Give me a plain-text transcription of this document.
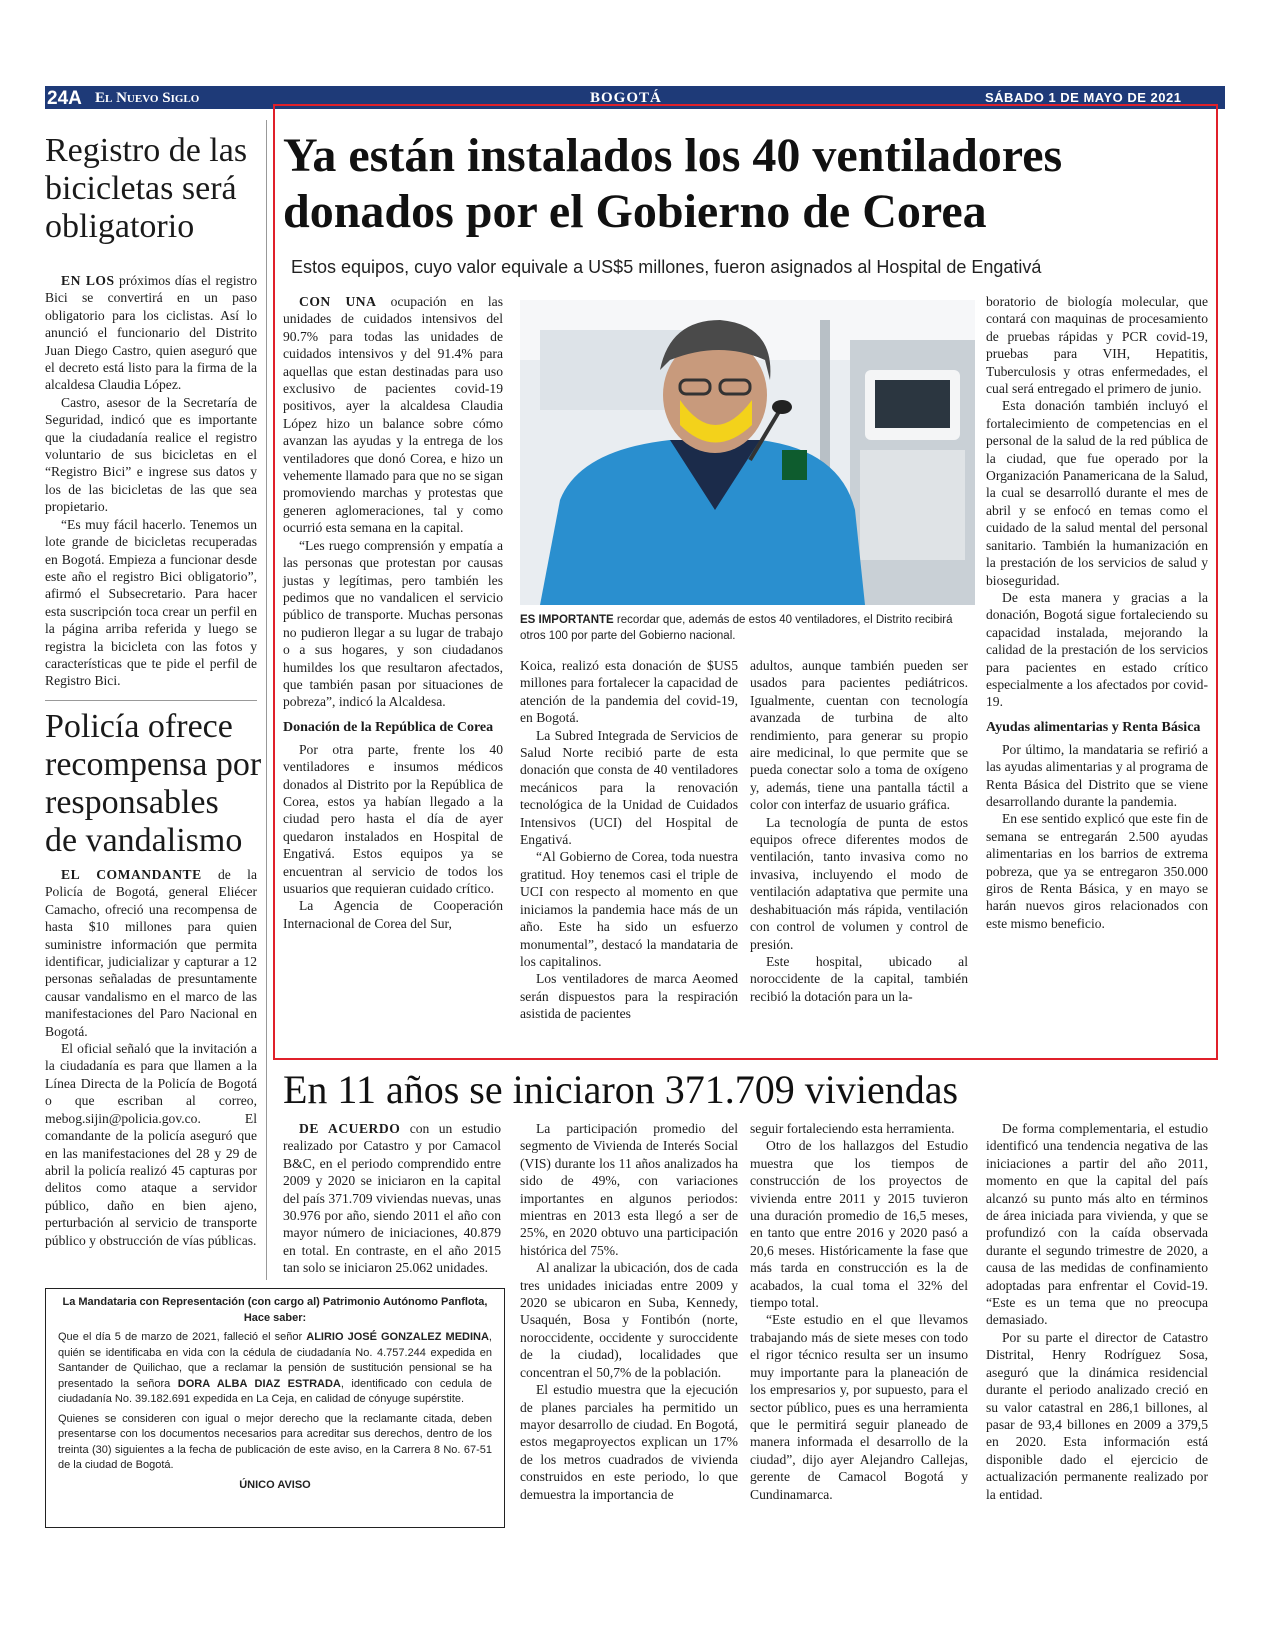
24A El Nuevo Siglo	BOGOTÁ	SÁBADO 1 DE MAYO DE 2021
Registro de las
bicicletas será
obligatorio

EN LOS próximos días el registro Bici se convertirá en un paso obligatorio para los ciclistas. Así lo anunció el funcionario del Distrito Juan Diego Castro, quien aseguró que el decreto está listo para la firma de la alcaldesa Claudia López.

Castro, asesor de la Secretaría de Seguridad, indicó que es importante que la ciudadanía realice el registro voluntario de sus bicicletas en el “Registro Bici” e ingrese sus datos y los de las bicicletas de las que sea propietario.

“Es muy fácil hacerlo. Tenemos un lote grande de bicicletas recuperadas en Bogotá. Empieza a funcionar desde este año el registro Bici obligatorio”, afirmó el Subsecretario. Para hacer esta suscripción toca crear un perfil en la página arriba referida y luego se registra la bicicleta con las fotos y características que te pide el perfil de Registro Bici.

Policía ofrece
recompensa por
responsables
de vandalismo

EL COMANDANTE de la Policía de Bogotá, general Eliécer Camacho, ofreció una recompensa de hasta $10 millones para quien suministre información que permita identificar, judicializar y capturar a 12 personas señaladas de presuntamente causar vandalismo en el marco de las manifestaciones del Paro Nacional en Bogotá.

El oficial señaló que la invitación a la ciudadanía es para que llamen a la Línea Directa de la Policía de Bogotá o que escriban al correo, mebog.sijin@policia.gov.co. El comandante de la policía aseguró que en las manifestaciones del 28 y 29 de abril la policía realizó 45 capturas por delitos como ataque a servidor público, daño en bien ajeno, perturbación al servicio de transporte público y obstrucción de vías públicas.

Ya están instalados los 40 ventiladores
donados por el Gobierno de Corea
Estos equipos, cuyo valor equivale a US$5 millones, fueron asignados al Hospital de Engativá

CON UNA ocupación en las unidades de cuidados intensivos del 90.7% para todas las unidades de cuidados intensivos y del 91.4% para aquellas que estan destinadas para uso exclusivo de pacientes covid-19 positivos, ayer la alcaldesa Claudia López hizo un balance sobre cómo avanzan las ayudas y la entrega de los ventiladores que donó Corea, e hizo un vehemente llamado para que no se sigan promoviendo marchas y protestas que generen aglomeraciones, tal y como ocurrió esta semana en la capital.

“Les ruego comprensión y empatía a las personas que protestan por causas justas y legítimas, pero también les pedimos que no vandalicen el servicio público de transporte. Muchas personas no pudieron llegar a su lugar de trabajo o a sus hogares, y son ciudadanos humildes los que resultaron afectados, que también pasan por situaciones de pobreza”, indicó la Alcaldesa.

Donación de la República de Corea

Por otra parte, frente los 40 ventiladores e insumos médicos donados al Distrito por la República de Corea, estos ya habían llegado a la ciudad pero hasta el día de ayer quedaron instalados en Hospital de Engativá. Estos equipos ya se encuentran al servicio de todos los usuarios que requieran cuidado crítico.

La Agencia de Cooperación Internacional de Corea del Sur,

ES IMPORTANTE recordar que, además de estos 40 ventiladores, el Distrito recibirá otros 100 por parte del Gobierno nacional.

Koica, realizó esta donación de $US5 millones para fortalecer la capacidad de atención de la pandemia del covid-19, en Bogotá.

La Subred Integrada de Servicios de Salud Norte recibió parte de esta donación que consta de 40 ventiladores mecánicos para la renovación tecnológica de la Unidad de Cuidados Intensivos (UCI) del Hospital de Engativá.

“Al Gobierno de Corea, toda nuestra gratitud. Hoy tenemos casi el triple de UCI con respecto al momento en que iniciamos la pandemia hace más de un año. Este ha sido un esfuerzo monumental”, destacó la mandataria de los capitalinos.

Los ventiladores de marca Aeomed serán dispuestos para la respiración asistida de pacientes

adultos, aunque también pueden ser usados para pacientes pediátricos. Igualmente, cuentan con tecnología avanzada de turbina de alto rendimiento, para generar su propio aire medicinal, lo que permite que se pueda conectar solo a toma de oxígeno y, además, tiene una pantalla táctil a color con interfaz de usuario gráfica.

La tecnología de punta de estos equipos ofrece diferentes modos de ventilación, tanto invasiva como no invasiva, incluyendo el modo de ventilación adaptativa que permite una deshabituación más rápida, ventilación con control de volumen y control de presión.

Este hospital, ubicado al noroccidente de la capital, también recibió la dotación para un la-

boratorio de biología molecular, que contará con maquinas de procesamiento de pruebas rápidas y PCR covid-19, pruebas para VIH, Hepatitis, Tuberculosis y otras enfermedades, el cual será entregado el primero de junio.

Esta donación también incluyó el fortalecimiento de competencias en el personal de la salud de la red pública de la ciudad, que fue operado por la Organización Panamericana de la Salud, la cual se desarrolló durante el mes de abril y se enfocó en temas como el cuidado de la salud mental del personal sanitario. También la humanización en la prestación de los servicios de salud y bioseguridad.

De esta manera y gracias a la donación, Bogotá sigue fortaleciendo su capacidad instalada, mejorando la calidad de la prestación de los servicios para pacientes en estado crítico especialmente a los afectados por covid-19.

Ayudas alimentarias y Renta Básica

Por último, la mandataria se refirió a las ayudas alimentarias y al programa de Renta Básica del Distrito que se viene desarrollando durante la pandemia.

En ese sentido explicó que este fin de semana se entregarán 2.500 ayudas alimentarias en los barrios de extrema pobreza, que ya se entregaron 350.000 giros de Renta Básica, y en mayo se harán nuevos giros relacionados con este mismo beneficio.

En 11 años se iniciaron 371.709 viviendas

DE ACUERDO con un estudio realizado por Catastro y por Camacol B&C, en el periodo comprendido entre 2009 y 2020 se iniciaron en la capital del país 371.709 viviendas nuevas, unas 30.976 por año, siendo 2011 el año con mayor número de iniciaciones, 40.879 en total. En contraste, en el año 2015 tan solo se iniciaron 25.062 unidades.

La participación promedio del segmento de Vivienda de Interés Social (VIS) durante los 11 años analizados ha sido de 49%, con variaciones importantes en algunos periodos: mientras en 2013 esta llegó a ser de 25%, en 2020 obtuvo una participación histórica del 75%.

Al analizar la ubicación, dos de cada tres unidades iniciadas entre 2009 y 2020 se ubicaron en Suba, Kennedy, Usaquén, Bosa y Fontibón (norte, noroccidente, occidente y suroccidente de la ciudad), localidades que concentran el 50,7% de la población.

El estudio muestra que la ejecución de planes parciales ha permitido un mayor desarrollo de ciudad. En Bogotá, estos megaproyectos explican un 17% de los metros cuadrados de vivienda construidos en este periodo, lo que demuestra la importancia de

seguir fortaleciendo esta herramienta.

Otro de los hallazgos del Estudio muestra que los tiempos de construcción de los proyectos de vivienda entre 2011 y 2015 tuvieron una duración promedio de 16,5 meses, en tanto que entre 2016 y 2020 pasó a 20,6 meses. Históricamente la fase que más tarda en construcción es la de acabados, la cual toma el 32% del tiempo total.

“Este estudio en el que llevamos trabajando más de siete meses con todo el rigor técnico resulta ser un insumo muy importante para la planeación de los empresarios y, por supuesto, para el sector público, pues es una herramienta que le permitirá seguir planeado de manera informada el desarrollo de la ciudad”, dijo ayer Alejandro Callejas, gerente de Camacol Bogotá y Cundinamarca.

De forma complementaria, el estudio identificó una tendencia negativa de las iniciaciones a partir del año 2011, momento en que la capital del país alcanzó su punto más alto en términos de área iniciada para vivienda, y que se profundizó con la caída observada durante el segundo trimestre de 2020, a causa de las medidas de confinamiento adoptadas para enfrentar el Covid-19. “Este es un tema que no preocupa demasiado.

Por su parte el director de Catastro Distrital, Henry Rodríguez Sosa, aseguró que la dinámica residencial durante el periodo analizado creció en su valor catastral en 286,1 billones, al pasar de 93,4 billones en 2009 a 379,5 en 2020. Esta información está disponible dado el ejercicio de actualización permanente realizado por la entidad.

La Mandataria con Representación (con cargo al) Patrimonio Autónomo Panflota,
Hace saber:

Que el día 5 de marzo de 2021, falleció el señor ALIRIO JOSÉ GONZALEZ MEDINA, quién se identificaba en vida con la cédula de ciudadanía No. 4.757.244 expedida en Santander de Quilichao, que a reclamar la pensión de sustitución pensional se ha presentado la señora DORA ALBA DIAZ ESTRADA, identificado con cedula de ciudadanía No. 39.182.691 expedida en La Ceja, en calidad de cónyuge supérstite.

Quienes se consideren con igual o mejor derecho que la reclamante citada, deben presentarse con los documentos necesarios para acreditar sus derechos, dentro de los treinta (30) siguientes a la fecha de publicación de este aviso, en la Carrera 8 No. 67-51 de la ciudad de Bogotá.

ÚNICO AVISO
